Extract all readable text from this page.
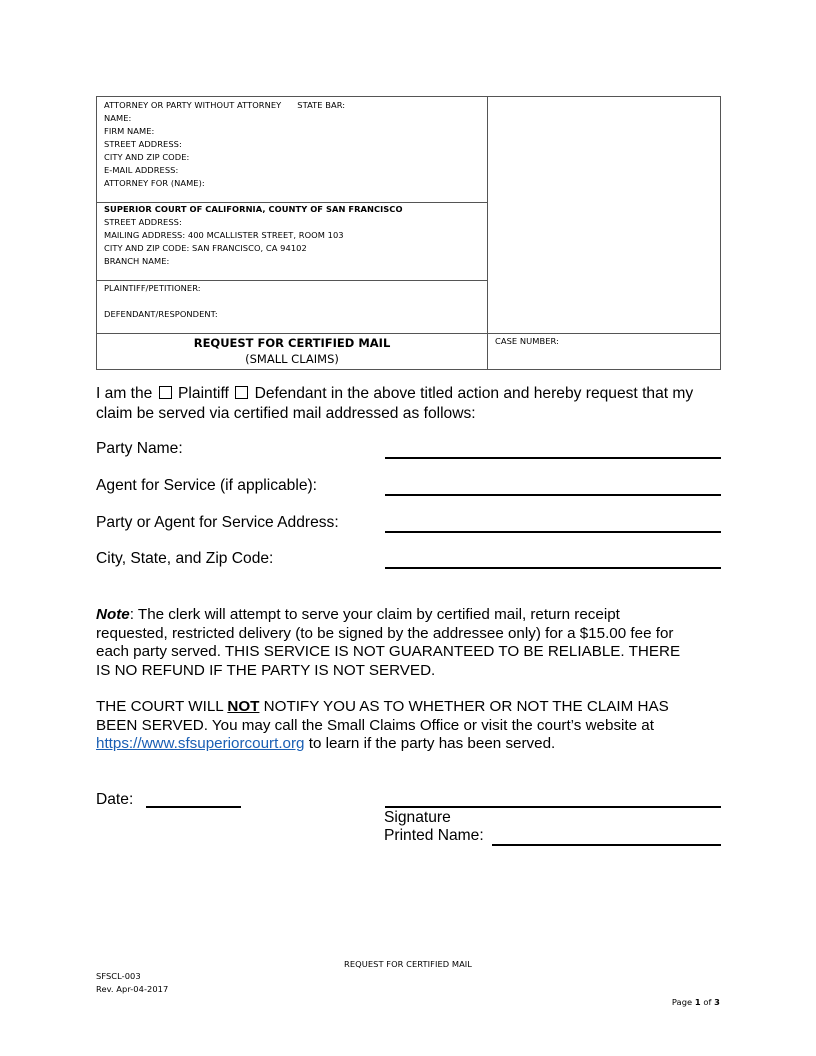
ATTORNEY OR PARTY WITHOUT ATTORNEY STATE BAR:
NAME:
FIRM NAME:
STREET ADDRESS:
CITY AND ZIP CODE:
E-MAIL ADDRESS:
ATTORNEY FOR (NAME):
SUPERIOR COURT OF CALIFORNIA, COUNTY OF SAN FRANCISCO
STREET ADDRESS:
MAILING ADDRESS: 400 MCALLISTER STREET, ROOM 103
CITY AND ZIP CODE: SAN FRANCISCO, CA 94102
BRANCH NAME:
PLAINTIFF/PETITIONER:
DEFENDANT/RESPONDENT:
REQUEST FOR CERTIFIED MAIL
(SMALL CLAIMS)
CASE NUMBER:
I am the Plaintiff Defendant in the above titled action and hereby request that my
claim be served via certified mail addressed as follows:
Party Name:
Agent for Service (if applicable):
Party or Agent for Service Address:
City, State, and Zip Code:
Note: The clerk will attempt to serve your claim by certified mail, return receipt
requested, restricted delivery (to be signed by the addressee only) for a $15.00 fee for
each party served. THIS SERVICE IS NOT GUARANTEED TO BE RELIABLE. THERE
IS NO REFUND IF THE PARTY IS NOT SERVED.
THE COURT WILL NOT NOTIFY YOU AS TO WHETHER OR NOT THE CLAIM HAS
BEEN SERVED. You may call the Small Claims Office or visit the court’s website at
https://www.sfsuperiorcourt.org to learn if the party has been served.
Date:
Signature
Printed Name:
REQUEST FOR CERTIFIED MAIL
SFSCL-003
Rev. Apr-04-2017
Page 1 of 3
